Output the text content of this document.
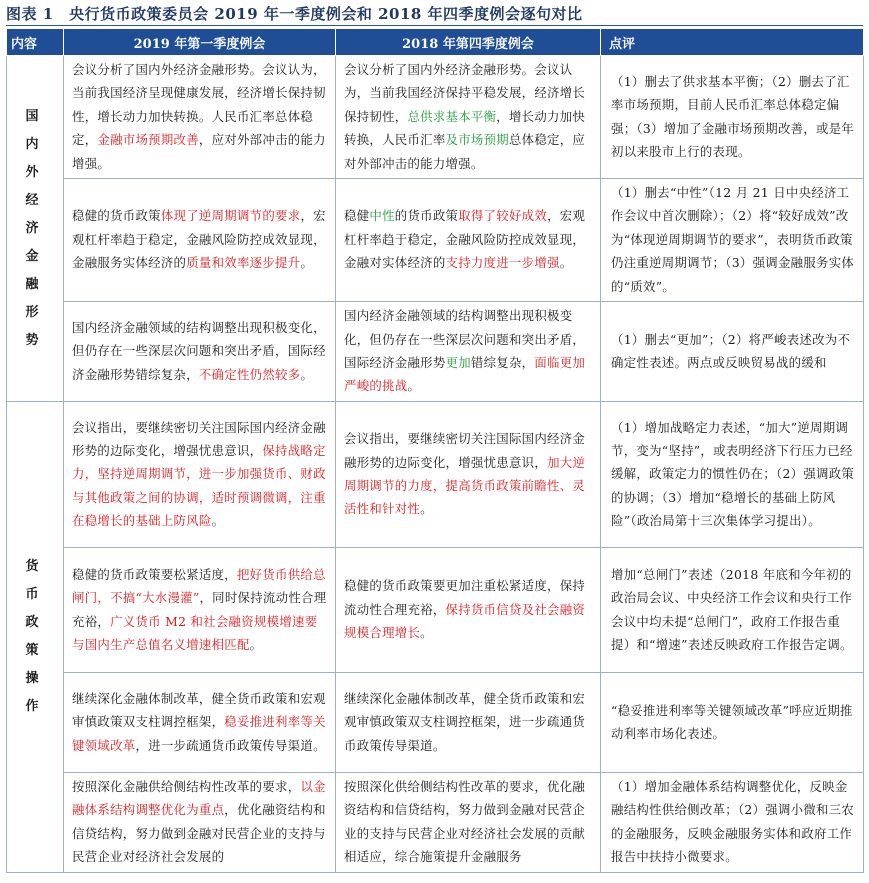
图表 1　央行货币政策委员会 2019 年一季度例会和 2018 年四季度例会逐句对比
内容	2019 年第一季度例会	2018 年第四季度例会	点评
国内外经济金融形势	会议分析了国内外经济金融形势。会议认为，当前我国经济呈现健康发展，经济增长保持韧性，增长动力加快转换。人民币汇率总体稳定，金融市场预期改善，应对外部冲击的能力增强。	会议分析了国内外经济金融形势。会议认为，当前我国经济保持平稳发展，经济增长保持韧性，总供求基本平衡，增长动力加快转换，人民币汇率及市场预期总体稳定，应对外部冲击的能力增强。	（1）删去了供求基本平衡；（2）删去了汇率市场预期，目前人民币汇率总体稳定偏强；（3）增加了金融市场预期改善，或是年初以来股市上行的表现。
	稳健的货币政策体现了逆周期调节的要求，宏观杠杆率趋于稳定，金融风险防控成效显现，金融服务实体经济的质量和效率逐步提升。	稳健中性的货币政策取得了较好成效，宏观杠杆率趋于稳定，金融风险防控成效显现，金融对实体经济的支持力度进一步增强。	（1）删去“中性”（12 月 21 日中央经济工作会议中首次删除）；（2）将“较好成效”改为“体现逆周期调节的要求”，表明货币政策仍注重逆周期调节；（3）强调金融服务实体的“质效”。
	国内经济金融领域的结构调整出现积极变化，但仍存在一些深层次问题和突出矛盾，国际经济金融形势错综复杂，不确定性仍然较多。	国内经济金融领域的结构调整出现积极变化，但仍存在一些深层次问题和突出矛盾，国际经济金融形势更加错综复杂，面临更加严峻的挑战。	（1）删去“更加”；（2）将严峻表述改为不确定性表述。两点或反映贸易战的缓和
货币政策操作	会议指出，要继续密切关注国际国内经济金融形势的边际变化，增强忧患意识，保持战略定力，坚持逆周期调节，进一步加强货币、财政与其他政策之间的协调，适时预调微调，注重在稳增长的基础上防风险。	会议指出，要继续密切关注国际国内经济金融形势的边际变化，增强忧患意识，加大逆周期调节的力度，提高货币政策前瞻性、灵活性和针对性。	（1）增加战略定力表述，“加大”逆周期调节，变为“坚持”，或表明经济下行压力已经缓解，政策定力的惯性仍在；（2）强调政策的协调；（3）增加“稳增长的基础上防风险”（政治局第十三次集体学习提出）。
	稳健的货币政策要松紧适度，把好货币供给总闸门，不搞“大水漫灌”，同时保持流动性合理充裕，广义货币 M2 和社会融资规模增速要与国内生产总值名义增速相匹配。	稳健的货币政策要更加注重松紧适度，保持流动性合理充裕，保持货币信贷及社会融资规模合理增长。	增加“总闸门”表述（2018 年底和今年初的政治局会议、中央经济工作会议和央行工作会议中均未提“总闸门”，政府工作报告重提）和“增速”表述反映政府工作报告定调。
	继续深化金融体制改革，健全货币政策和宏观审慎政策双支柱调控框架，稳妥推进利率等关键领域改革，进一步疏通货币政策传导渠道。	继续深化金融体制改革，健全货币政策和宏观审慎政策双支柱调控框架，进一步疏通货币政策传导渠道。	“稳妥推进利率等关键领域改革”呼应近期推动利率市场化表述。
	按照深化金融供给侧结构性改革的要求，以金融体系结构调整优化为重点，优化融资结构和信贷结构，努力做到金融对民营企业的支持与民营企业对经济社会发展的	按照深化供给侧结构性改革的要求，优化融资结构和信贷结构，努力做到金融对民营企业的支持与民营企业对经济社会发展的贡献相适应，综合施策提升金融服务	（1）增加金融体系结构调整优化，反映金融结构性供给侧改革；（2）强调小微和三农的金融服务，反映金融服务实体和政府工作报告中扶持小微要求。
